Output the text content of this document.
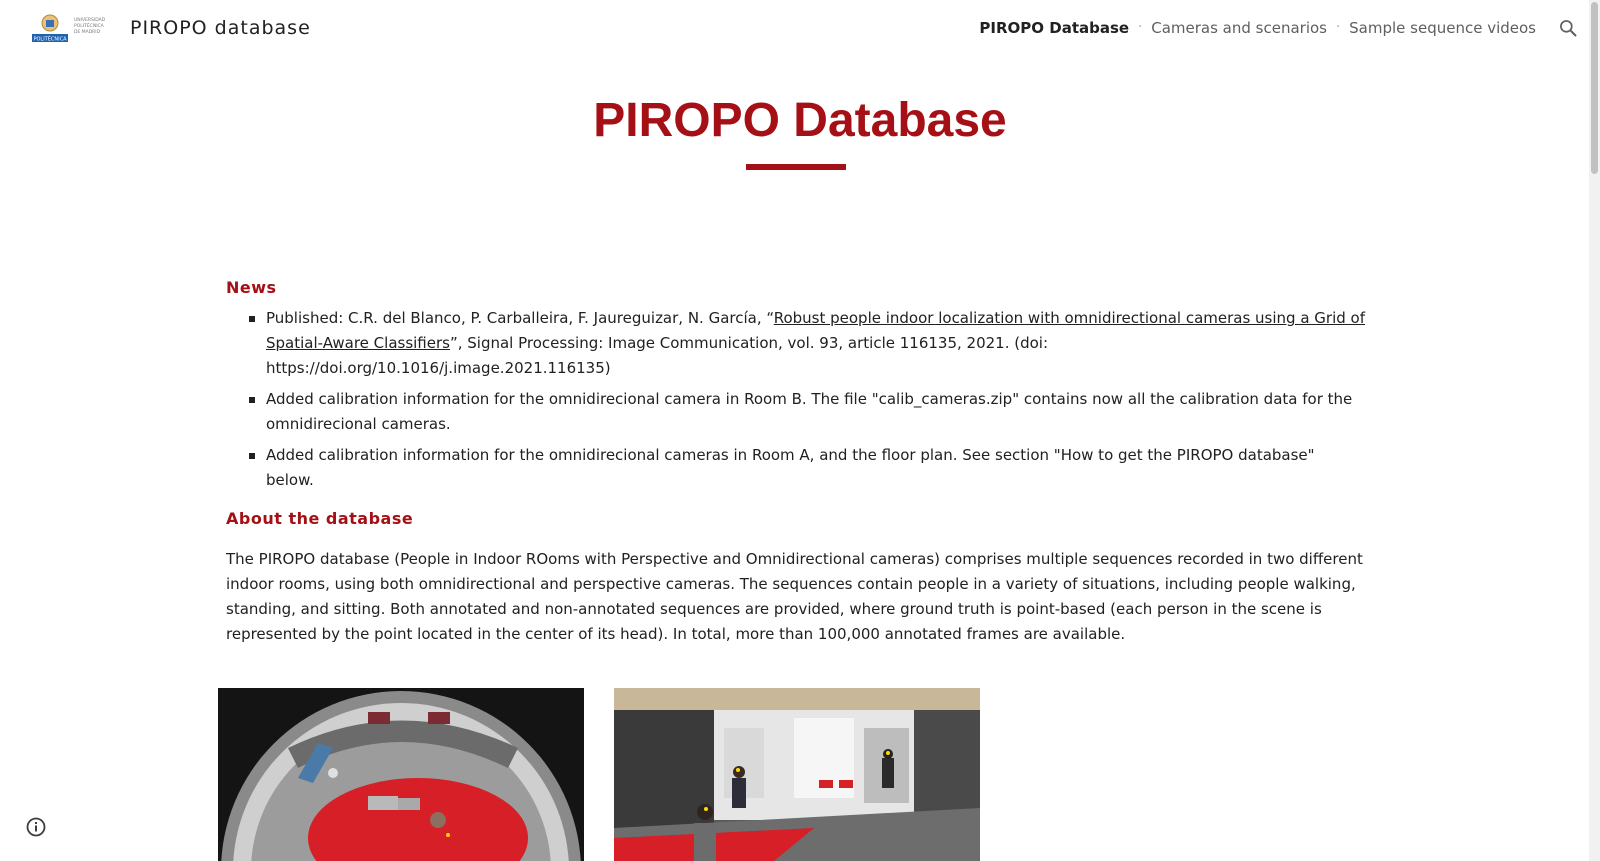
POLITÉCNICA
UNIVERSIDAD
POLITÉCNICA
DE MADRID	PIROPO database	PIROPO Database · Cameras and scenarios · Sample sequence videos
PIROPO Database
News
Published: C.R. del Blanco, P. Carballeira, F. Jaureguizar, N. García, “Robust people indoor localization with omnidirectional cameras using a Grid of Spatial-Aware Classifiers”, Signal Processing: Image Communication, vol. 93, article 116135, 2021. (doi: https://doi.org/10.1016/j.image.2021.116135)
Added calibration information for the omnidirecional camera in Room B. The file "calib_cameras.zip" contains now all the calibration data for the omnidirecional cameras.
Added calibration information for the omnidirecional cameras in Room A, and the floor plan. See section "How to get the PIROPO database" below.
About the database

The PIROPO database (People in Indoor ROoms with Perspective and Omnidirectional cameras) comprises multiple sequences recorded in two different indoor rooms, using both omnidirectional and perspective cameras. The sequences contain people in a variety of situations, including people walking, standing, and sitting. Both annotated and non-annotated sequences are provided, where ground truth is point-based (each person in the scene is represented by the point located in the center of its head). In total, more than 100,000 annotated frames are available.
